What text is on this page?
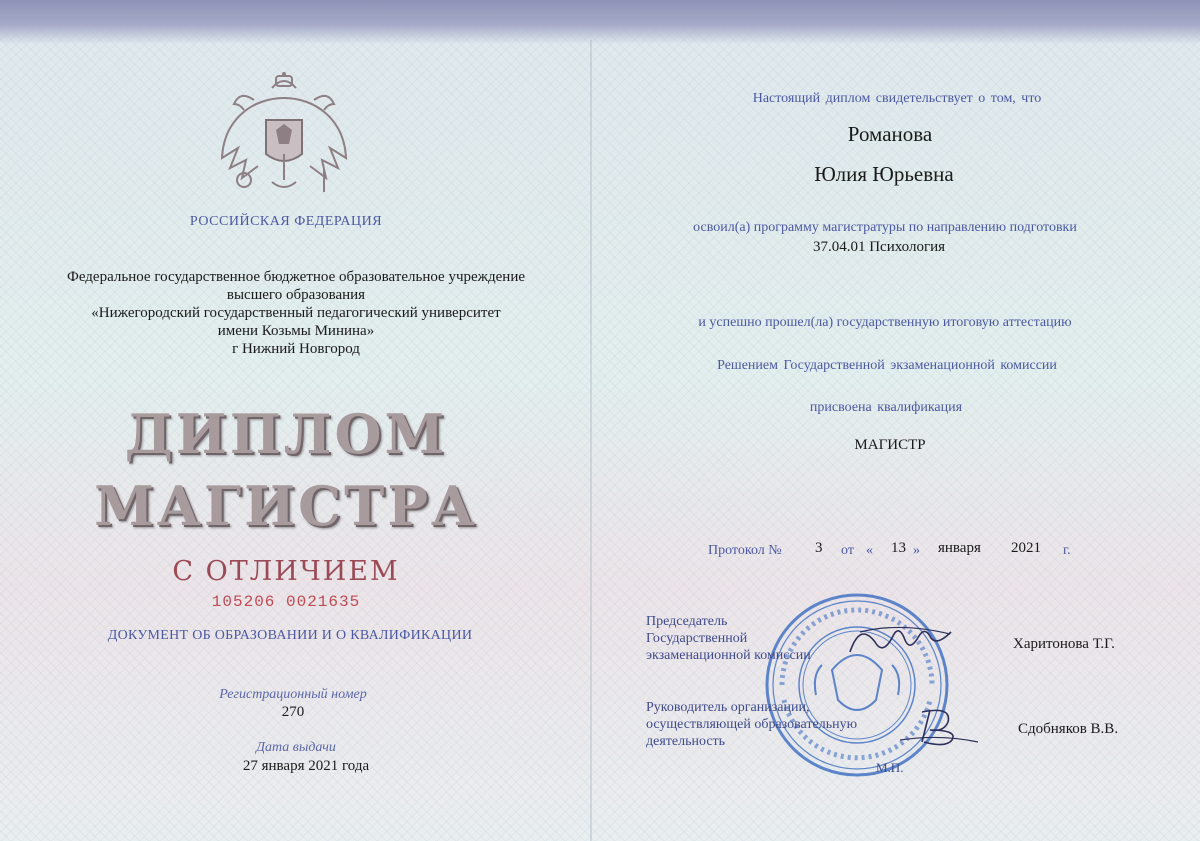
РОССИЙСКАЯ ФЕДЕРАЦИЯ
Федеральное государственное бюджетное образовательное учреждение
высшего образования
«Нижегородский государственный педагогический университет
имени Козьмы Минина»
г Нижний Новгород
ДИПЛОМ
МАГИСТРА
С ОТЛИЧИЕМ
105206 0021635
ДОКУМЕНТ ОБ ОБРАЗОВАНИИ И О КВАЛИФИКАЦИИ
Регистрационный номер
270
Дата выдачи
27 января 2021 года
Настоящий диплом свидетельствует о том, что
Романова
Юлия Юрьевна
освоил(а) программу магистратуры по направлению подготовки
37.04.01 Психология
и успешно прошел(ла) государственную итоговую аттестацию
Решением Государственной экзаменационной комиссии
присвоена квалификация
МАГИСТР
Протокол № 3 от « 13 » января 2021 г.
Председатель
Государственной
экзаменационной комиссии
Харитонова Т.Г.
Руководитель организации,
осуществляющей образовательную
деятельность
Сдобняков В.В.
М.П.
